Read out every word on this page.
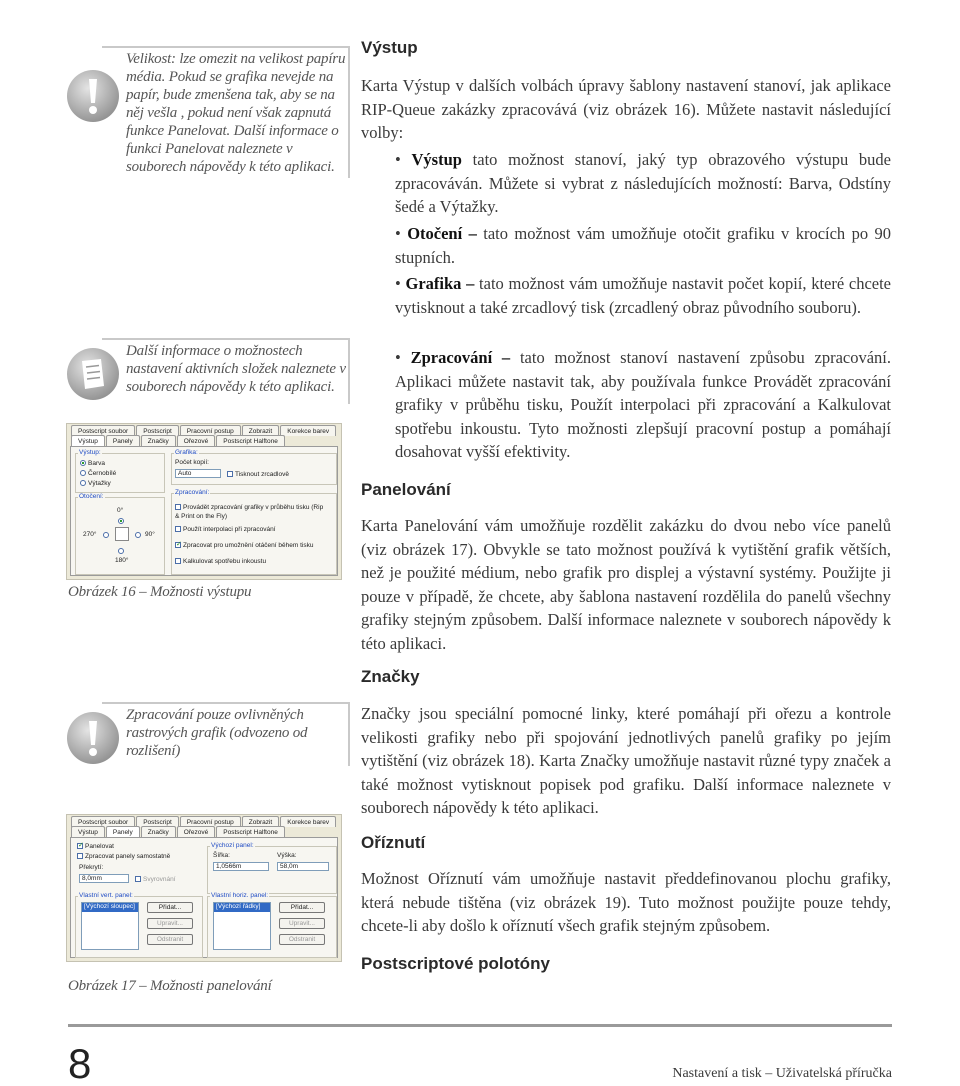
Velikost: lze omezit na velikost papíru médiа. Pokud se grafika nevejde na papír, bude zmenšena tak, aby se na něj vešla , pokud není však zapnutá funkce Panelovat. Další informace o funkci Panelovat naleznete v souborech nápovědy k této aplikaci.
Další informace o možnostech nastavení aktivních složek naleznete v souborech nápovědy k této aplikaci.
Postscript soubor	Postscript	Pracovní postup	Zobrazit	Korekce barev
Výstup	Panely	Značky	Ořezové	Postscript Halftone
Výstup:
Barva
Černobílé
Výtažky
Otočení:
0°
270°	90°
180°
Grafika:
Počet kopií:
Auto	Tisknout zrcadlově
Zpracování:
Provádět zpracování grafiky v průběhu tisku (Rip & Print on the Fly)
Použít interpolaci při zpracování
✓Zpracovat pro umožnění otáčení během tisku
Kalkulovat spotřebu inkoustu
Obrázek 16 – Možnosti výstupu
Zpracování pouze ovlivněných rastrových grafik (odvozeno od rozlišení)
Postscript soubor	Postscript	Pracovní postup	Zobrazit	Korekce barev
Výstup	Panely	Značky	Ořezové	Postscript Halftone
✓Panelovat
Zpracovat panely samostatně
Překrytí:
8,0mm	Svyrovnání
Výchozí panel:
Šířka:
1,0566m
Výška:
58,0m
Vlastní vert. panel:
[Výchozí sloupec]	Přidat...
Upravit...
Odstranit
Vlastní horiz. panel:
[Výchozí řádky]	Přidat...
Upravit...
Odstranit
Obrázek 17 – Možnosti panelování
Výstup
Karta Výstup v dalších volbách úpravy šablony nastavení stanoví, jak aplikace RIP-Queue zakázky zpracovává (viz obrázek 16). Můžete nastavit následující volby:
• Výstup tato možnost stanoví, jaký typ obrazového výstupu bude zpracováván. Můžete si vybrat z následujících možností: Barva, Odstíny šedé a Výtažky.
• Otočení – tato možnost vám umožňuje otočit grafiku v krocích po 90 stupních.
• Grafika – tato možnost vám umožňuje nastavit počet kopií, které chcete vytisknout a také zrcadlový tisk (zrcadlený obraz původního souboru).
• Zpracování – tato možnost stanoví nastavení způsobu zpracování. Aplikaci můžete nastavit tak, aby používala funkce Provádět zpracování grafiky v průběhu tisku, Použít interpolaci při zpracování a Kalkulovat spotřebu inkoustu. Tyto možnosti zlepšují pracovní postup a pomáhají dosahovat vyšší efektivity.
Panelování
Karta Panelování vám umožňuje rozdělit zakázku do dvou nebo více panelů (viz obrázek 17). Obvykle se tato možnost používá k vytištění grafik větších, než je použité médium, nebo grafik pro displej a výstavní systémy. Použijte ji pouze v případě, že chcete, aby šablona nastavení rozdělila do panelů všechny grafiky stejným způsobem. Další informace naleznete v souborech nápovědy k této aplikaci.
Značky
Značky jsou speciální pomocné linky, které pomáhají při ořezu a kontrole velikosti grafiky nebo při spojování jednotlivých panelů grafiky po jejím vytištění (viz obrázek 18). Karta Značky umožňuje nastavit různé typy značek a také možnost vytisknout popisek pod grafiku. Další informace naleznete v souborech nápovědy k této aplikaci.
Oříznutí
Možnost Oříznutí vám umožňuje nastavit předdefinovanou plochu grafiky, která nebude tištěna (viz obrázek 19). Tuto možnost použijte pouze tehdy, chcete-li aby došlo k oříznutí všech grafik stejným způsobem.
Postscriptové polotóny
8	Nastavení a tisk – Uživatelská příručka
